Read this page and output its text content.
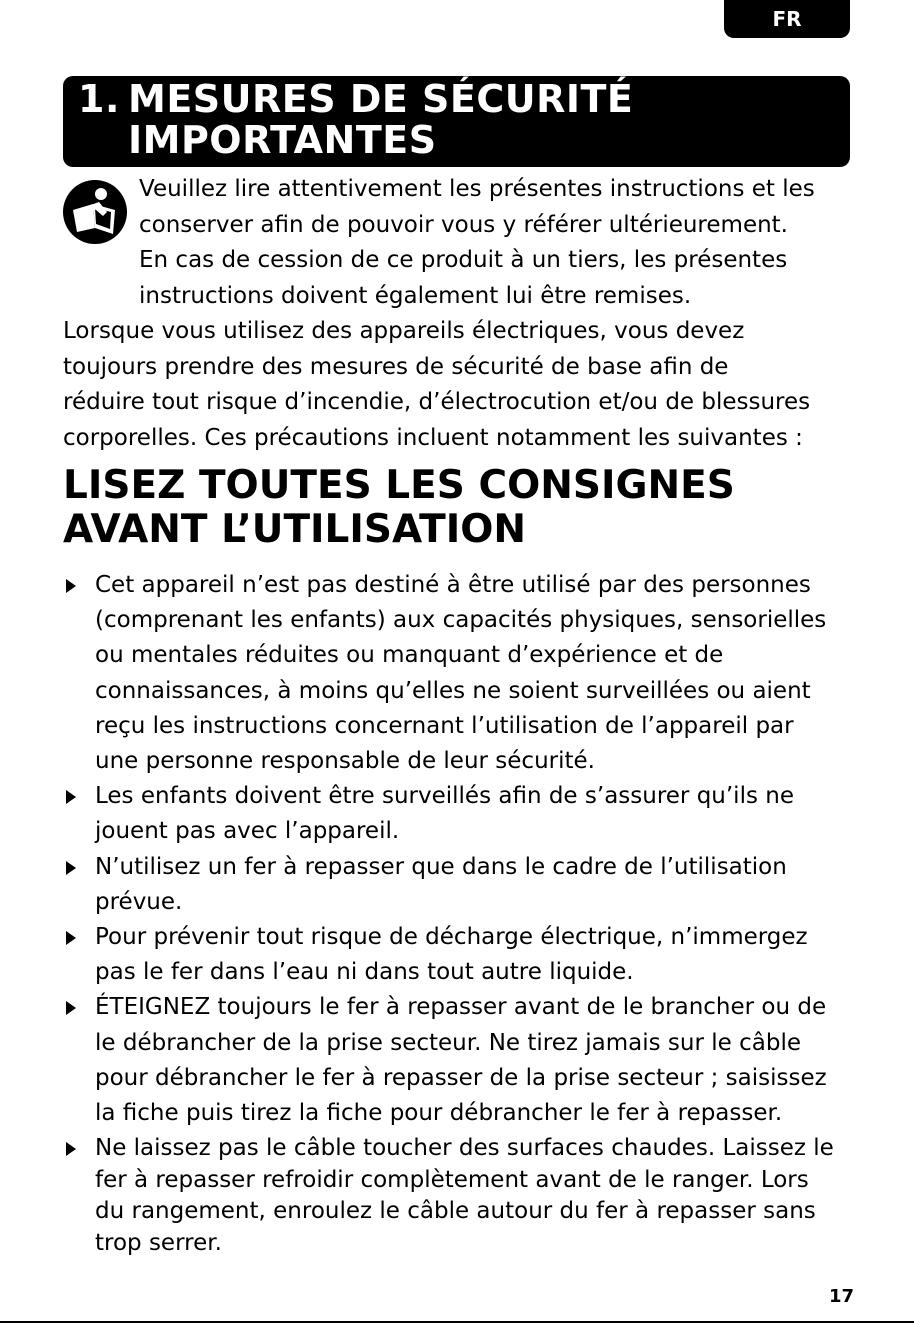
FR
1. MESURES DE SÉCURITÉ
IMPORTANTES

Veuillez lire attentivement les présentes instructions et les
conserver afin de pouvoir vous y référer ultérieurement.
En cas de cession de ce produit à un tiers, les présentes
instructions doivent également lui être remises.

Lorsque vous utilisez des appareils électriques, vous devez
toujours prendre des mesures de sécurité de base afin de
réduire tout risque d’incendie, d’électrocution et/ou de blessures
corporelles. Ces précautions incluent notamment les suivantes :

LISEZ TOUTES LES CONSIGNES
AVANT L’UTILISATION
Cet appareil n’est pas destiné à être utilisé par des personnes
(comprenant les enfants) aux capacités physiques, sensorielles
ou mentales réduites ou manquant d’expérience et de
connaissances, à moins qu’elles ne soient surveillées ou aient
reçu les instructions concernant l’utilisation de l’appareil par
une personne responsable de leur sécurité.
Les enfants doivent être surveillés afin de s’assurer qu’ils ne
jouent pas avec l’appareil.
N’utilisez un fer à repasser que dans le cadre de l’utilisation
prévue.
Pour prévenir tout risque de décharge électrique, n’immergez
pas le fer dans l’eau ni dans tout autre liquide.
ÉTEIGNEZ toujours le fer à repasser avant de le brancher ou de
le débrancher de la prise secteur. Ne tirez jamais sur le câble
pour débrancher le fer à repasser de la prise secteur ; saisissez
la fiche puis tirez la fiche pour débrancher le fer à repasser.
Ne laissez pas le câble toucher des surfaces chaudes. Laissez le
fer à repasser refroidir complètement avant de le ranger. Lors
du rangement, enroulez le câble autour du fer à repasser sans
trop serrer.
17
